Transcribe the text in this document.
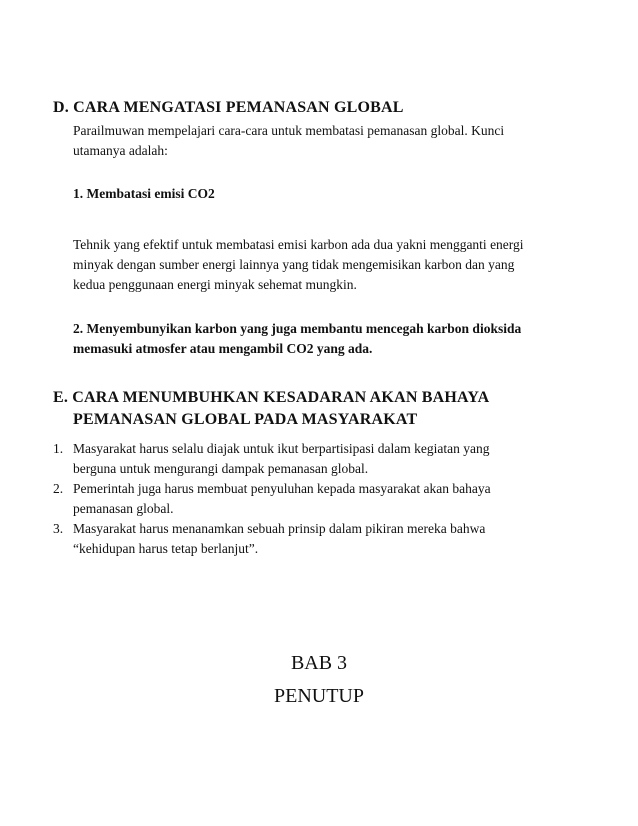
D. CARA MENGATASI PEMANASAN GLOBAL
Parailmuwan mempelajari cara-cara untuk membatasi pemanasan global. Kunci
utamanya adalah:
1. Membatasi emisi CO2
Tehnik yang efektif untuk membatasi emisi karbon ada dua yakni mengganti energi
minyak dengan sumber energi lainnya yang tidak mengemisikan karbon dan yang
kedua penggunaan energi minyak sehemat mungkin.
2. Menyembunyikan karbon yang juga membantu mencegah karbon dioksida
memasuki atmosfer atau mengambil CO2 yang ada.
E. CARA MENUMBUHKAN KESADARAN AKAN BAHAYA
PEMANASAN GLOBAL PADA MASYARAKAT
1. Masyarakat harus selalu diajak untuk ikut berpartisipasi dalam kegiatan yang
berguna untuk mengurangi dampak pemanasan global.
2. Pemerintah juga harus membuat penyuluhan kepada masyarakat akan bahaya
pemanasan global.
3. Masyarakat harus menanamkan sebuah prinsip dalam pikiran mereka bahwa
“kehidupan harus tetap berlanjut”.
BAB 3
PENUTUP
